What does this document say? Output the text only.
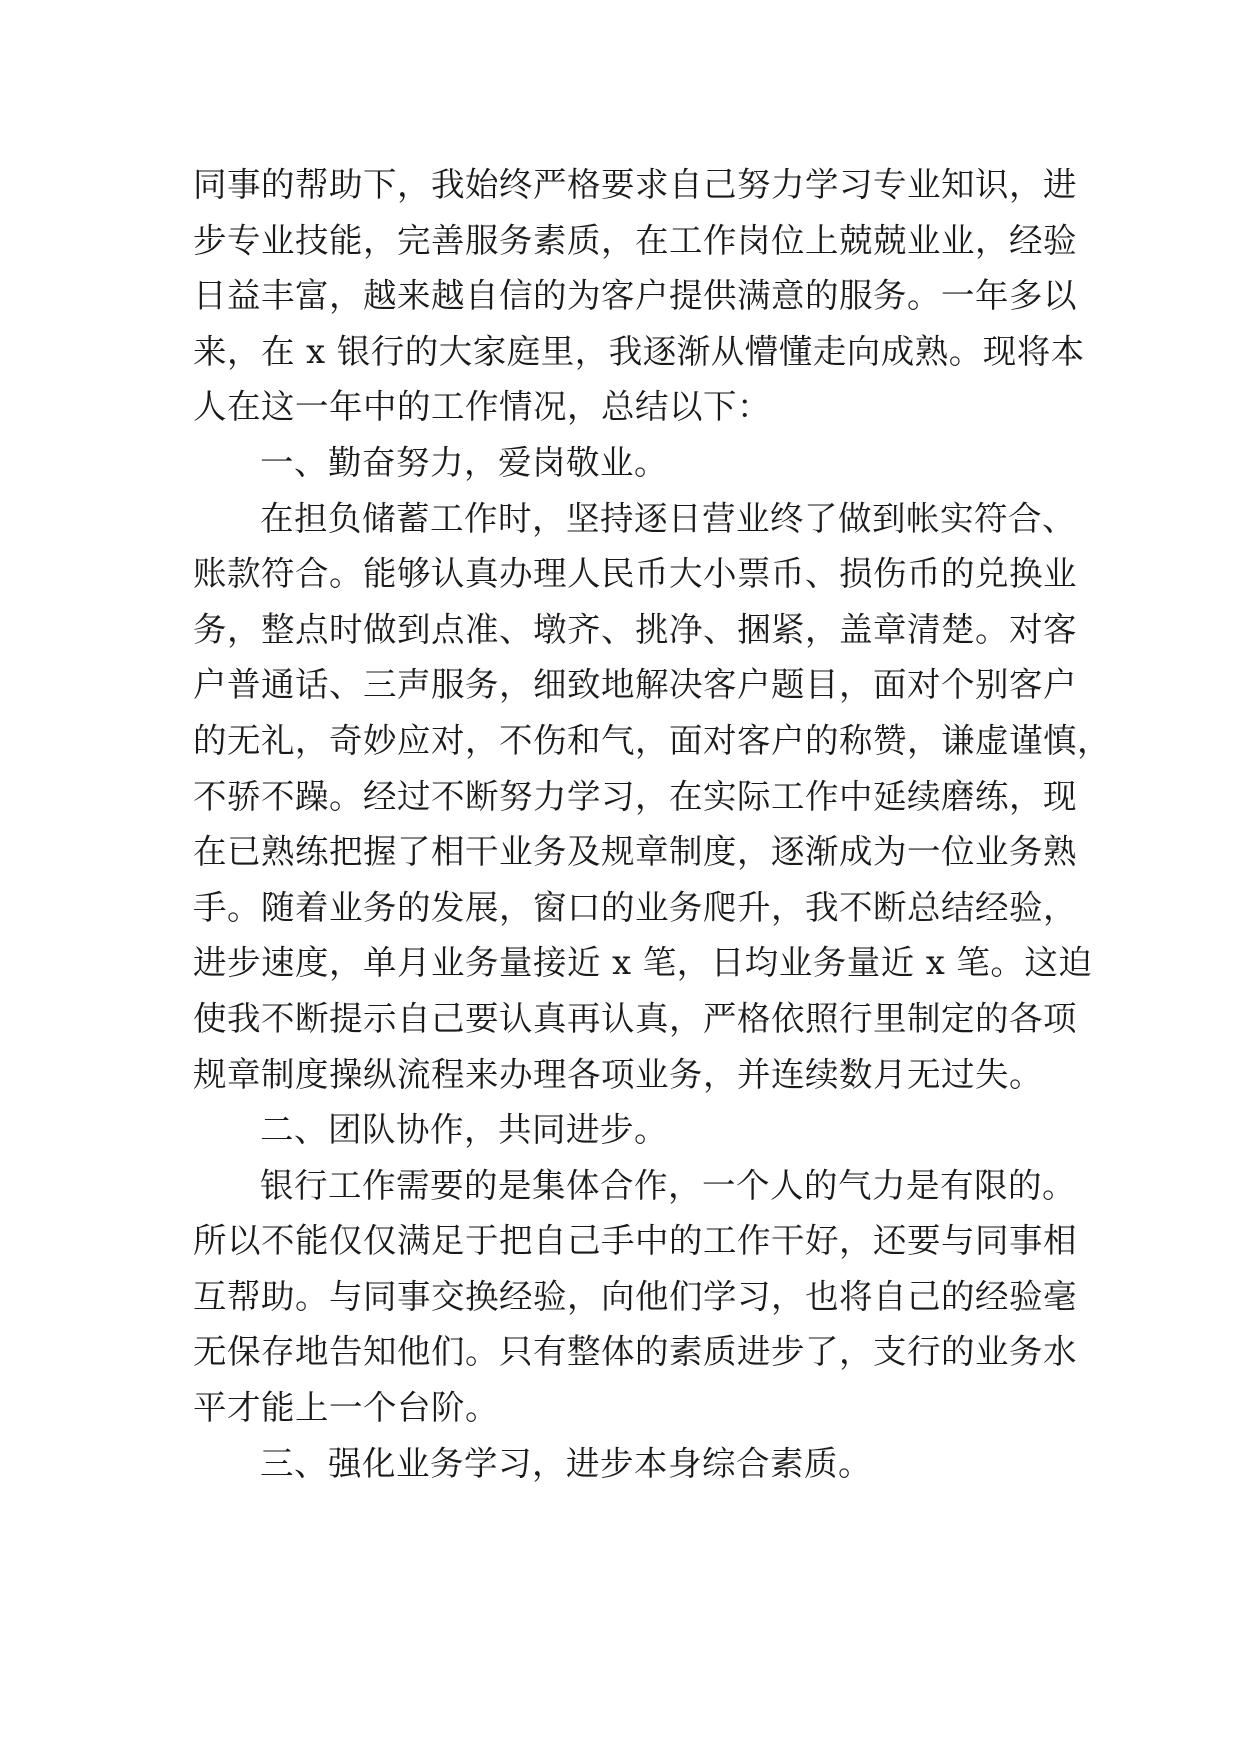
同事的帮助下，我始终严格要求自己努力学习专业知识，进
步专业技能，完善服务素质，在工作岗位上兢兢业业，经验
日益丰富，越来越自信的为客户提供满意的服务。一年多以
来，在 x 银行的大家庭里，我逐渐从懵懂走向成熟。现将本
人在这一年中的工作情况，总结以下：
一、勤奋努力，爱岗敬业。
在担负储蓄工作时，坚持逐日营业终了做到帐实符合、
账款符合。能够认真办理人民币大小票币、损伤币的兑换业
务，整点时做到点准、墩齐、挑净、捆紧，盖章清楚。对客
户普通话、三声服务，细致地解决客户题目，面对个别客户
的无礼，奇妙应对，不伤和气，面对客户的称赞，谦虚谨慎，
不骄不躁。经过不断努力学习，在实际工作中延续磨练，现
在已熟练把握了相干业务及规章制度，逐渐成为一位业务熟
手。随着业务的发展，窗口的业务爬升，我不断总结经验，
进步速度，单月业务量接近 x 笔，日均业务量近 x 笔。这迫
使我不断提示自己要认真再认真，严格依照行里制定的各项
规章制度操纵流程来办理各项业务，并连续数月无过失。
二、团队协作，共同进步。
银行工作需要的是集体合作，一个人的气力是有限的。
所以不能仅仅满足于把自己手中的工作干好，还要与同事相
互帮助。与同事交换经验，向他们学习，也将自己的经验毫
无保存地告知他们。只有整体的素质进步了，支行的业务水
平才能上一个台阶。
三、强化业务学习，进步本身综合素质。
